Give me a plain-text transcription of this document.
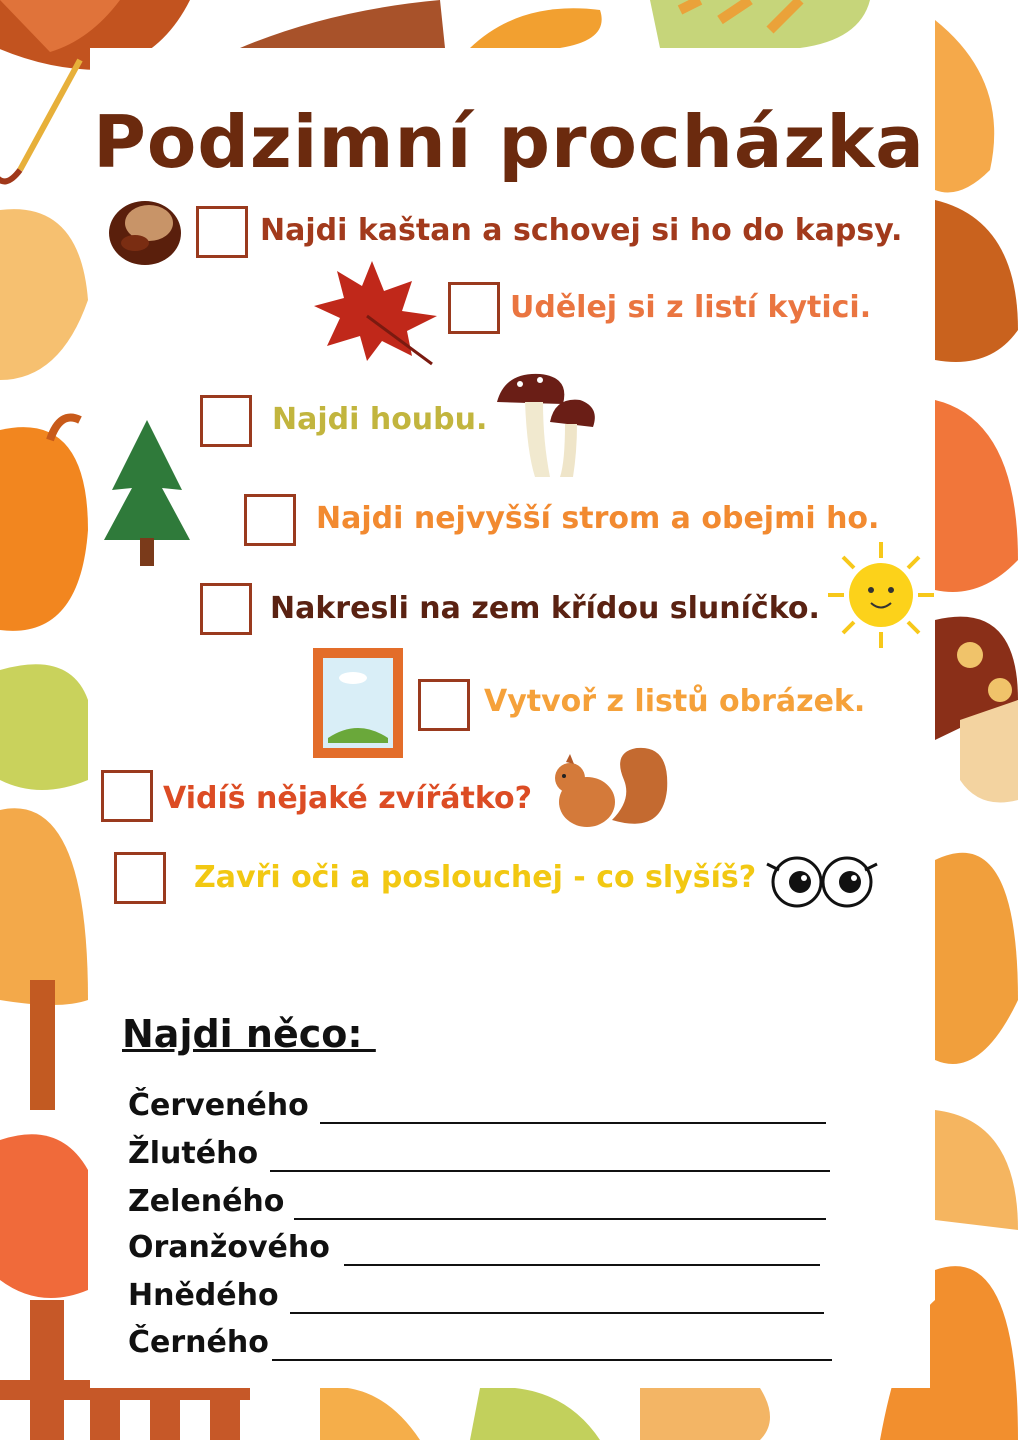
Podzimní procházka
Najdi kaštan a schovej si ho do kapsy.
Udělej si z listí kytici.
Najdi houbu.
Najdi nejvyšší strom a obejmi ho.
Nakresli na zem křídou sluníčko.
Vytvoř z listů obrázek.
Vidíš nějaké zvířátko?
Zavři oči a poslouchej - co slyšíš?
Najdi něco:
Červeného
Žlutého
Zeleného
Oranžového
Hnědého
Černého
